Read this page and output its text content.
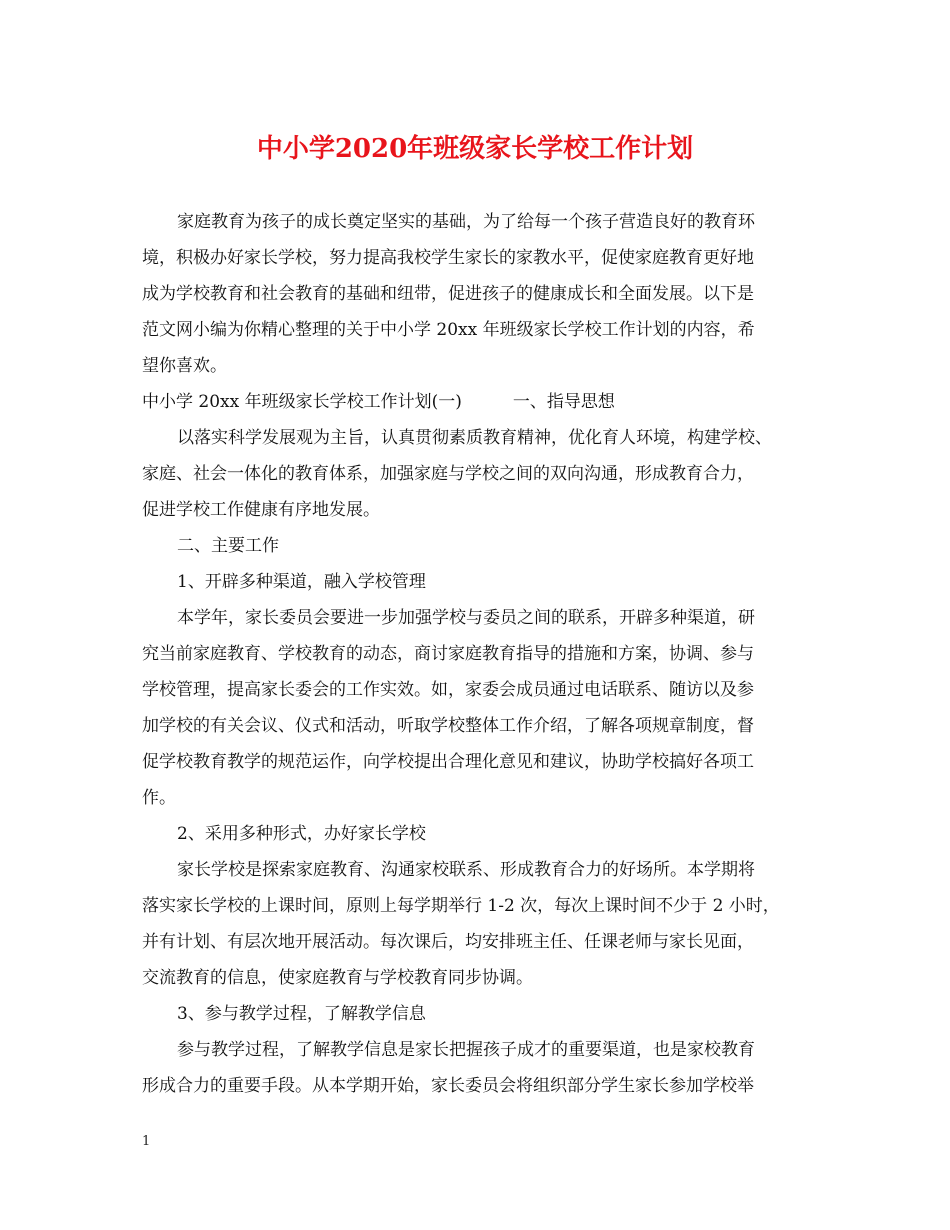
中小学2020年班级家长学校工作计划

家庭教育为孩子的成长奠定坚实的基础，为了给每一个孩子营造良好的教育环

境，积极办好家长学校，努力提高我校学生家长的家教水平，促使家庭教育更好地

成为学校教育和社会教育的基础和纽带，促进孩子的健康成长和全面发展。以下是

范文网小编为你精心整理的关于中小学 20xx 年班级家长学校工作计划的内容，希

望你喜欢。

中小学 20xx 年班级家长学校工作计划(一)　　　一、指导思想

以落实科学发展观为主旨，认真贯彻素质教育精神，优化育人环境，构建学校、

家庭、社会一体化的教育体系，加强家庭与学校之间的双向沟通，形成教育合力，

促进学校工作健康有序地发展。

二、主要工作

1、开辟多种渠道，融入学校管理

本学年，家长委员会要进一步加强学校与委员之间的联系，开辟多种渠道，研

究当前家庭教育、学校教育的动态，商讨家庭教育指导的措施和方案，协调、参与

学校管理，提高家长委会的工作实效。如，家委会成员通过电话联系、随访以及参

加学校的有关会议、仪式和活动，听取学校整体工作介绍，了解各项规章制度，督

促学校教育教学的规范运作，向学校提出合理化意见和建议，协助学校搞好各项工

作。

2、采用多种形式，办好家长学校

家长学校是探索家庭教育、沟通家校联系、形成教育合力的好场所。本学期将

落实家长学校的上课时间，原则上每学期举行 1-2 次，每次上课时间不少于 2 小时，

并有计划、有层次地开展活动。每次课后，均安排班主任、任课老师与家长见面，

交流教育的信息，使家庭教育与学校教育同步协调。

3、参与教学过程，了解教学信息

参与教学过程，了解教学信息是家长把握孩子成才的重要渠道，也是家校教育

形成合力的重要手段。从本学期开始，家长委员会将组织部分学生家长参加学校举

1
